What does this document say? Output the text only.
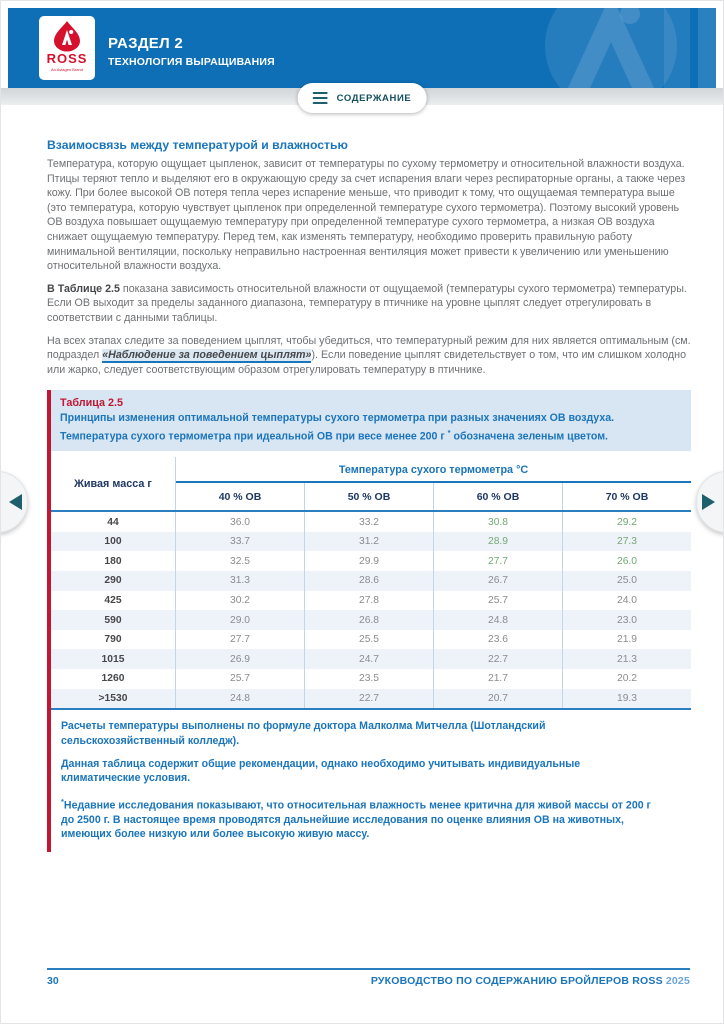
ROSS
An Aviagen Brand
РАЗДЕЛ 2
ТЕХНОЛОГИЯ ВЫРАЩИВАНИЯ
СОДЕРЖАНИЕ
Взаимосвязь между температурой и влажностью

Температура, которую ощущает цыпленок, зависит от температуры по сухому термометру и относительной влажности воздуха. Птицы теряют тепло и выделяют его в окружающую среду за счет испарения влаги через респираторные органы, а также через кожу. При более высокой ОВ потеря тепла через испарение меньше, что приводит к тому, что ощущаемая температура выше (это температура, которую чувствует цыпленок при определенной температуре сухого термометра). Поэтому высокий уровень ОВ воздуха повышает ощущаемую температуру при определенной температуре сухого термометра, а низкая ОВ воздуха снижает ощущаемую температуру. Перед тем, как изменять температуру, необходимо проверить правильную работу минимальной вентиляции, поскольку неправильно настроенная вентиляция может привести к увеличению или уменьшению относительной влажности воздуха.

В Таблице 2.5 показана зависимость относительной влажности от ощущаемой (температуры сухого термометра) температуры. Если ОВ выходит за пределы заданного диапазона, температуру в птичнике на уровне цыплят следует отрегулировать в соответствии с данными таблицы.

На всех этапах следите за поведением цыплят, чтобы убедиться, что температурный режим для них является оптимальным (см. подраздел «Наблюдение за поведением цыплят»). Если поведение цыплят свидетельствует о том, что им слишком холодно или жарко, следует соответствующим образом отрегулировать температуру в птичнике.

Таблица 2.5
Принципы изменения оптимальной температуры сухого термометра при разных значениях ОВ воздуха.
Температура сухого термометра при идеальной ОВ при весе менее 200 г * обозначена зеленым цветом.
Живая масса г
Температура сухого термометра °C
40 % ОВ	50 % ОВ	60 % ОВ	70 % ОВ
44	36.0	33.2	30.8	29.2
100	33.7	31.2	28.9	27.3
180	32.5	29.9	27.7	26.0
290	31.3	28.6	26.7	25.0
425	30.2	27.8	25.7	24.0
590	29.0	26.8	24.8	23.0
790	27.7	25.5	23.6	21.9
1015	26.9	24.7	22.7	21.3
1260	25.7	23.5	21.7	20.2
>1530	24.8	22.7	20.7	19.3

Расчеты температуры выполнены по формуле доктора Малколма Митчелла (Шотландский сельскохозяйственный колледж).

Данная таблица содержит общие рекомендации, однако необходимо учитывать индивидуальные климатические условия.

*Недавние исследования показывают, что относительная влажность менее критична для живой массы от 200 г до 2500 г. В настоящее время проводятся дальнейшие исследования по оценке влияния ОВ на животных, имеющих более низкую или более высокую живую массу.

30	РУКОВОДСТВО ПО СОДЕРЖАНИЮ БРОЙЛЕРОВ ROSS 2025
